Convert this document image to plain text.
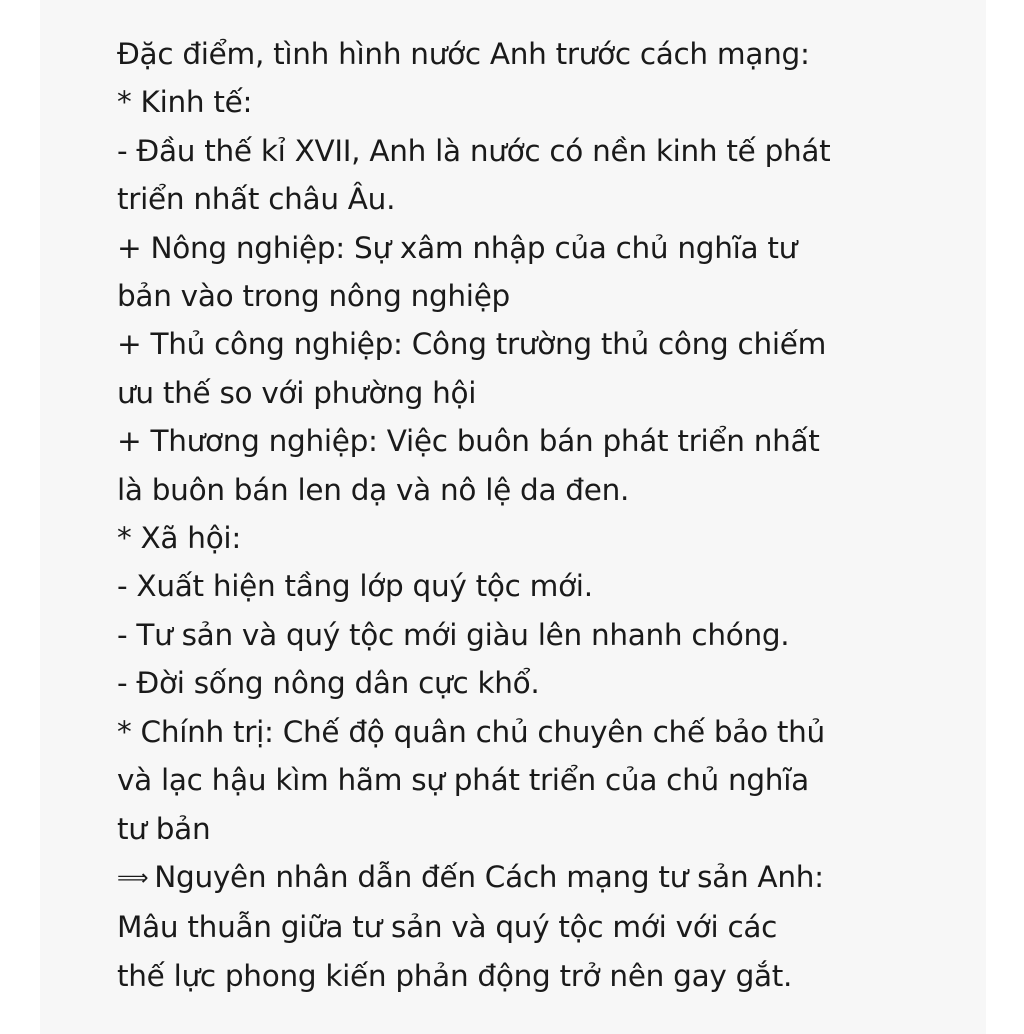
Đặc điểm, tình hình nước Anh trước cách mạng:
* Kinh tế:
- Đầu thế kỉ XVII, Anh là nước có nền kinh tế phát
triển nhất châu Âu.
+ Nông nghiệp: Sự xâm nhập của chủ nghĩa tư
bản vào trong nông nghiệp
+ Thủ công nghiệp: Công trường thủ công chiếm
ưu thế so với phường hội
+ Thương nghiệp: Việc buôn bán phát triển nhất
là buôn bán len dạ và nô lệ da đen.
* Xã hội:
- Xuất hiện tầng lớp quý tộc mới.
- Tư sản và quý tộc mới giàu lên nhanh chóng.
- Đời sống nông dân cực khổ.
* Chính trị: Chế độ quân chủ chuyên chế bảo thủ
và lạc hậu kìm hãm sự phát triển của chủ nghĩa
tư bản
⟹ Nguyên nhân dẫn đến Cách mạng tư sản Anh:
Mâu thuẫn giữa tư sản và quý tộc mới với các
thế lực phong kiến phản động trở nên gay gắt.
